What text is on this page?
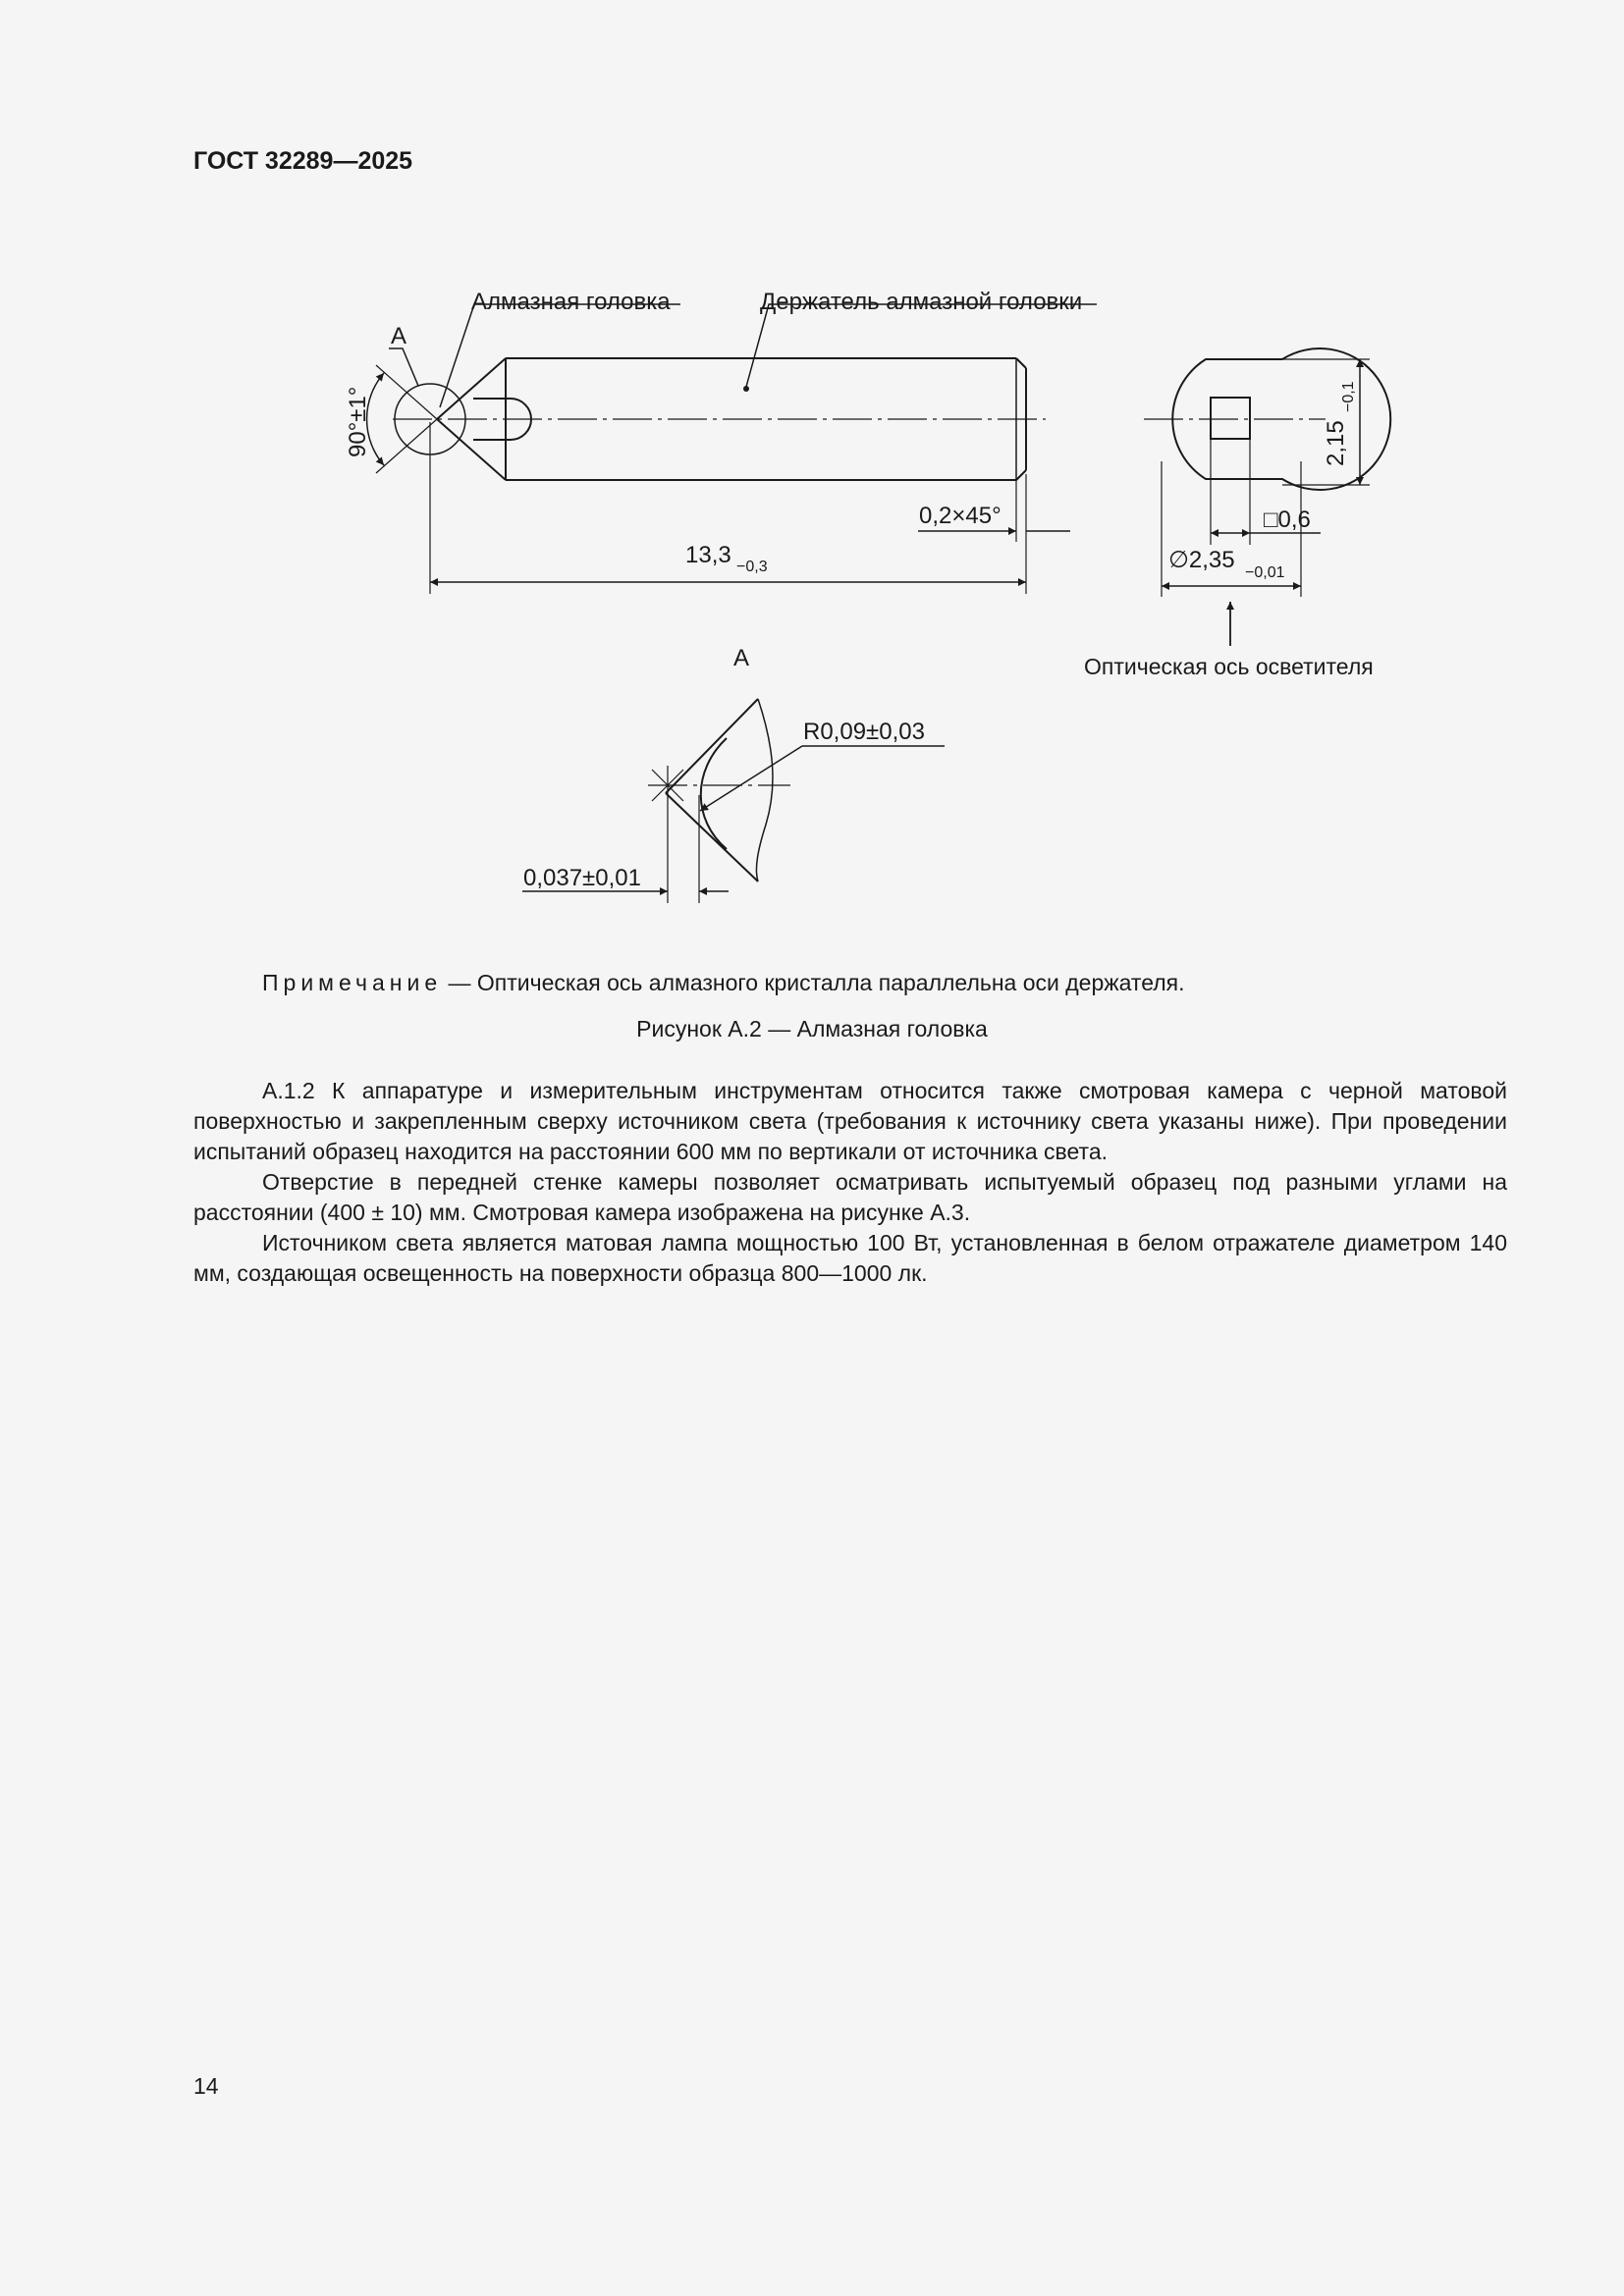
ГОСТ 32289—2025
Алмазная головка	Держатель алмазной головки
А
90°±1°
0,2×45°
13,3 −0,3
2,15
−0,1
□0,6
∅2,35 −0,01
Оптическая ось осветителя
А
R0,09±0,03
0,037±0,01
Примечание — Оптическая ось алмазного кристалла параллельна оси держателя.
Рисунок А.2 — Алмазная головка

А.1.2 К аппаратуре и измерительным инструментам относится также смотровая камера с черной матовой поверхностью и закрепленным сверху источником света (требования к источнику света указаны ниже). При проведении испытаний образец находится на расстоянии 600 мм по вертикали от источника света.

Отверстие в передней стенке камеры позволяет осматривать испытуемый образец под разными углами на расстоянии (400 ± 10) мм. Смотровая камера изображена на рисунке А.3.

Источником света является матовая лампа мощностью 100 Вт, установленная в белом отражателе диаметром 140 мм, создающая освещенность на поверхности образца 800—1000 лк.

14
